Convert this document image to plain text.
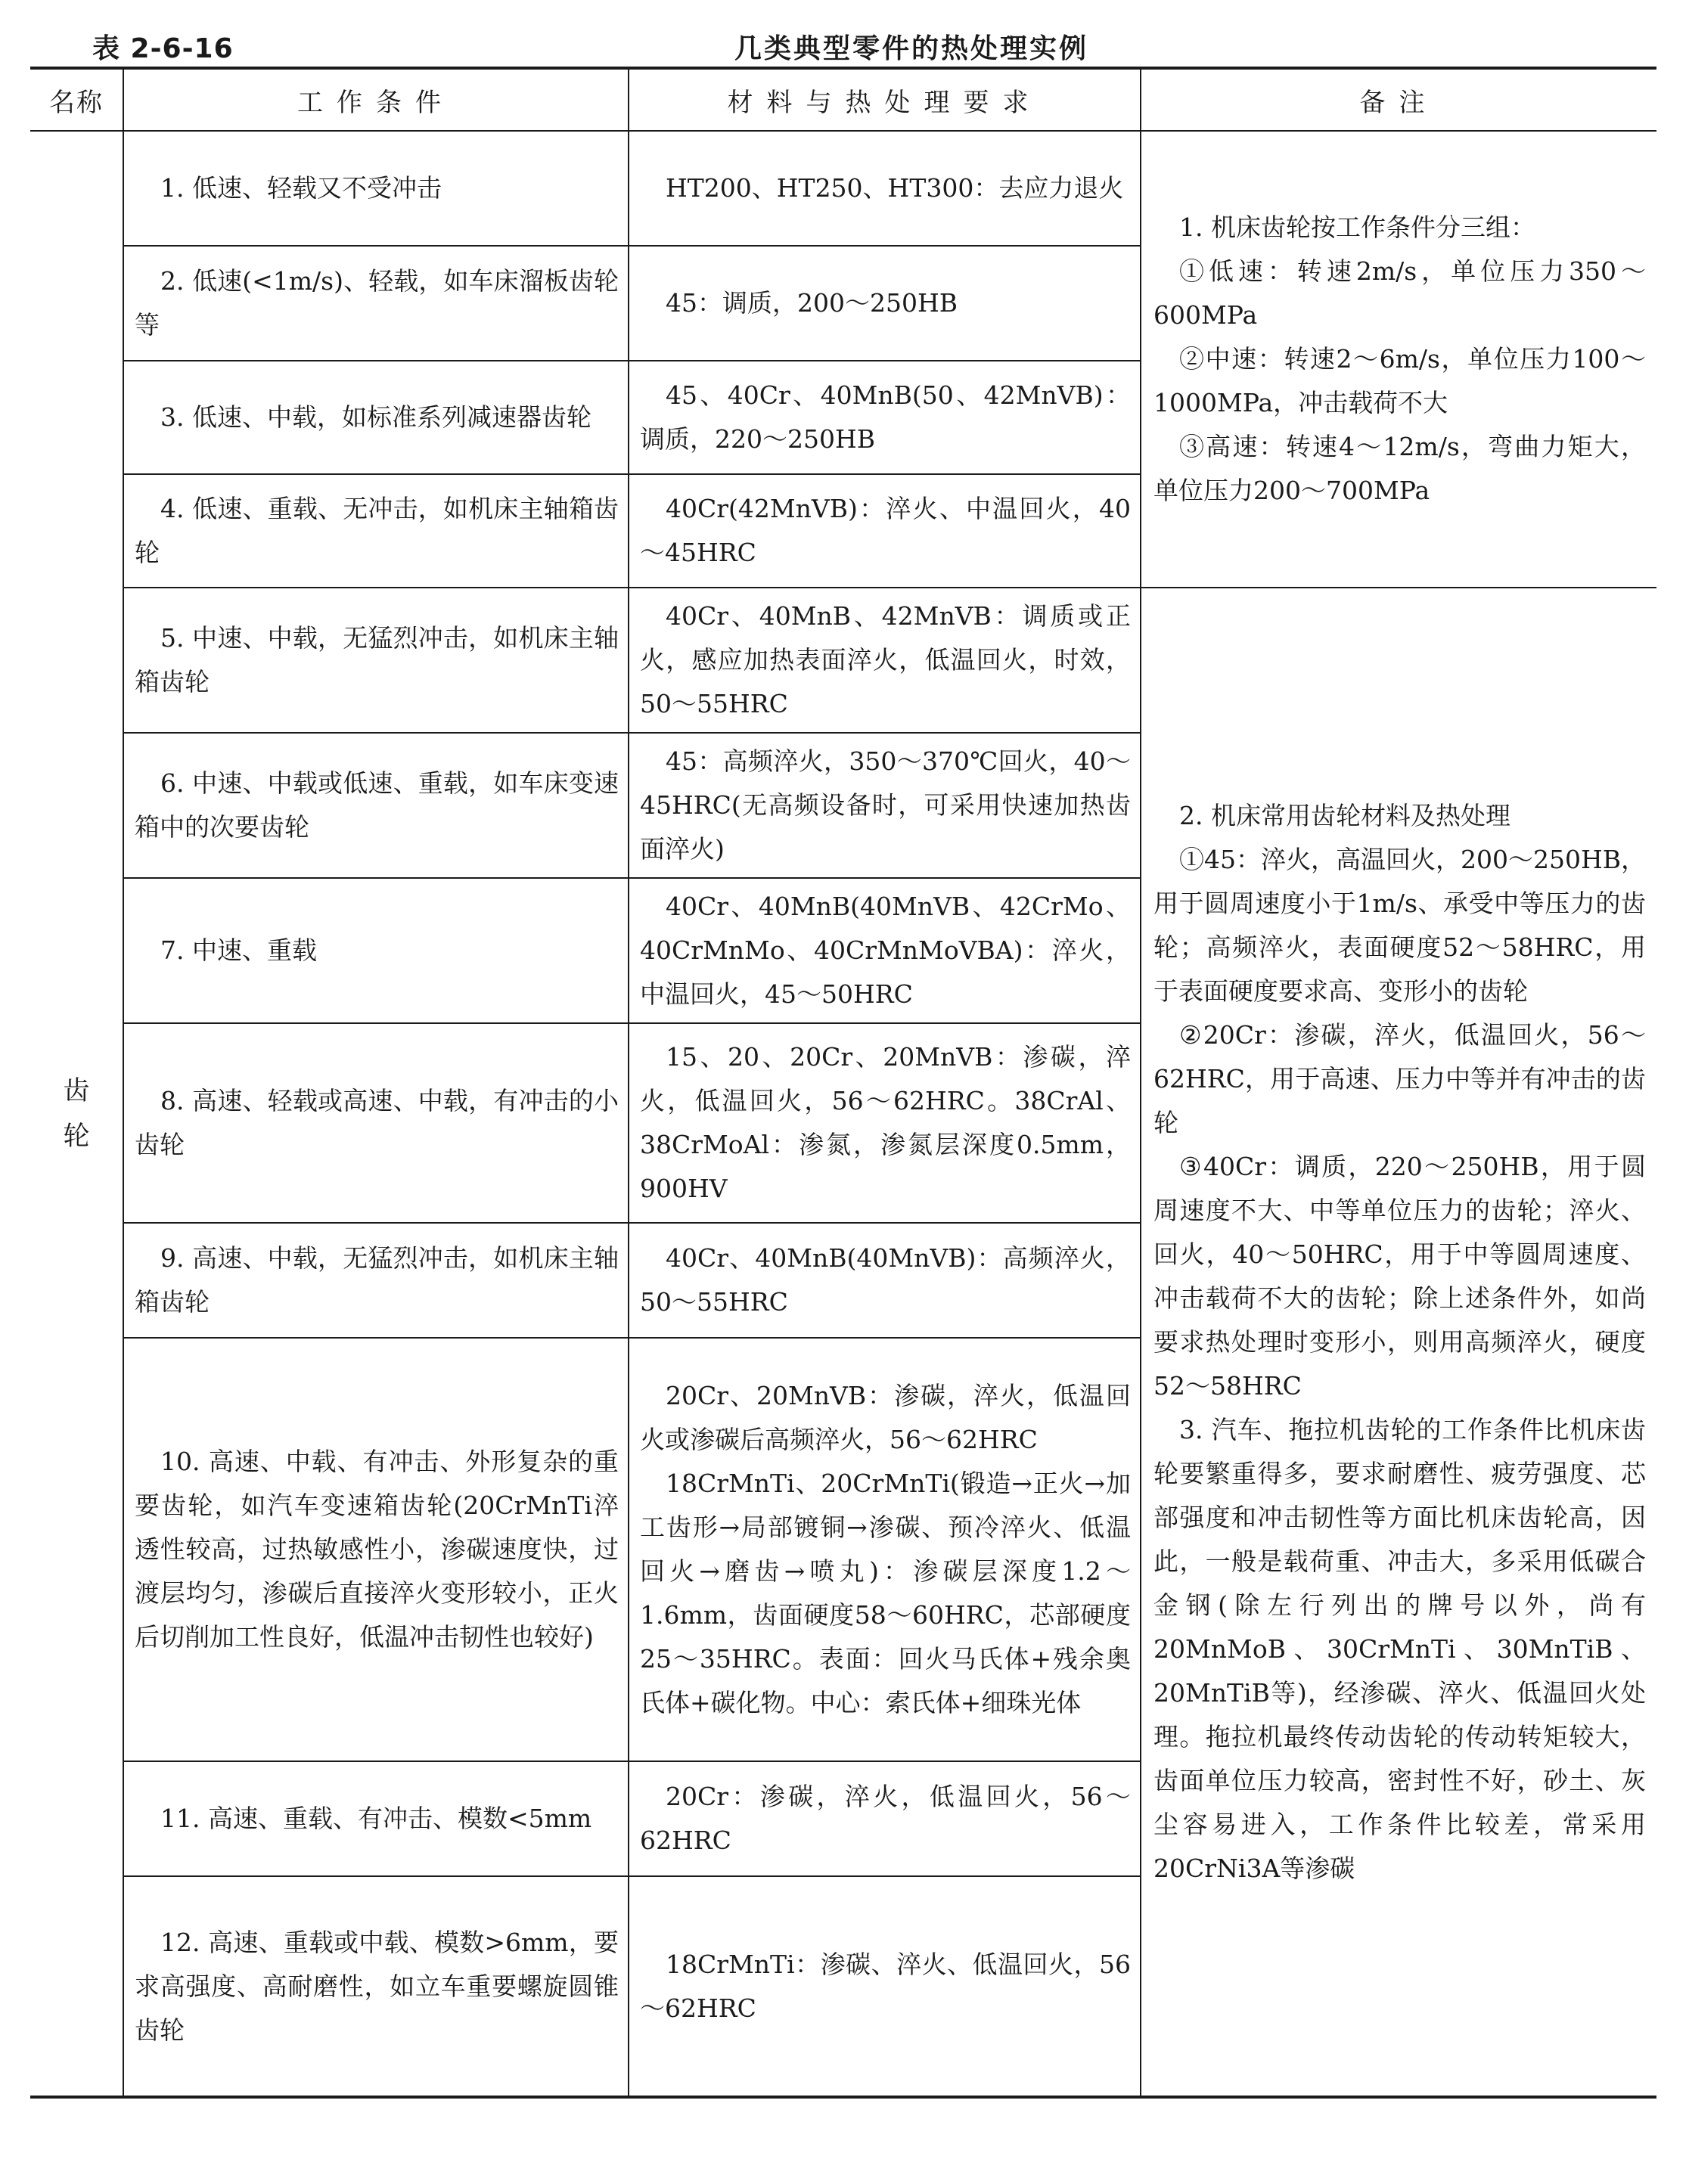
表 2-6-16	几类典型零件的热处理实例
名称	工作条件	材料与热处理要求	备注
齿轮	1. 低速、轻载又不受冲击	HT200、HT250、HT300：去应力退火	1. 机床齿轮按工作条件分三组：

①低速：转速2m/s，单位压力350～600MPa

②中速：转速2～6m/s，单位压力100～1000MPa，冲击载荷不大

③高速：转速4～12m/s，弯曲力矩大，单位压力200～700MPa

	2. 低速(<1m/s)、轻载，如车床溜板齿轮等	45：调质，200～250HB	
	3. 低速、中载，如标准系列减速器齿轮	45、40Cr、40MnB(50、42MnVB)：调质，220～250HB	
	4. 低速、重载、无冲击，如机床主轴箱齿轮	40Cr(42MnVB)：淬火、中温回火，40～45HRC	
	5. 中速、中载，无猛烈冲击，如机床主轴箱齿轮	40Cr、40MnB、42MnVB：调质或正火，感应加热表面淬火，低温回火，时效，50～55HRC	2. 机床常用齿轮材料及热处理

①45：淬火，高温回火，200～250HB，用于圆周速度小于1m/s、承受中等压力的齿轮；高频淬火，表面硬度52～58HRC，用于表面硬度要求高、变形小的齿轮

②20Cr：渗碳，淬火，低温回火，56～62HRC，用于高速、压力中等并有冲击的齿轮

③40Cr：调质，220～250HB，用于圆周速度不大、中等单位压力的齿轮；淬火、回火，40～50HRC，用于中等圆周速度、冲击载荷不大的齿轮；除上述条件外，如尚要求热处理时变形小，则用高频淬火，硬度52～58HRC

3. 汽车、拖拉机齿轮的工作条件比机床齿轮要繁重得多，要求耐磨性、疲劳强度、芯部强度和冲击韧性等方面比机床齿轮高，因此，一般是载荷重、冲击大，多采用低碳合金钢(除左行列出的牌号以外，尚有20MnMoB、30CrMnTi、30MnTiB、20MnTiB等)，经渗碳、淬火、低温回火处理。拖拉机最终传动齿轮的传动转矩较大，齿面单位压力较高，密封性不好，砂土、灰尘容易进入，工作条件比较差，常采用20CrNi3A等渗碳

	6. 中速、中载或低速、重载，如车床变速箱中的次要齿轮	45：高频淬火，350～370℃回火，40～45HRC(无高频设备时，可采用快速加热齿面淬火)	
	7. 中速、重载	40Cr、40MnB(40MnVB、42CrMo、40CrMnMo、40CrMnMoVBA)：淬火，中温回火，45～50HRC	
	8. 高速、轻载或高速、中载，有冲击的小齿轮	15、20、20Cr、20MnVB：渗碳，淬火，低温回火，56～62HRC。38CrAl、38CrMoAl：渗氮，渗氮层深度0.5mm，900HV	
	9. 高速、中载，无猛烈冲击，如机床主轴箱齿轮	40Cr、40MnB(40MnVB)：高频淬火，50～55HRC	
	10. 高速、中载、有冲击、外形复杂的重要齿轮，如汽车变速箱齿轮(20CrMnTi淬透性较高，过热敏感性小，渗碳速度快，过渡层均匀，渗碳后直接淬火变形较小，正火后切削加工性良好，低温冲击韧性也较好)	20Cr、20MnVB：渗碳，淬火，低温回火或渗碳后高频淬火，56～62HRC
18CrMnTi、20CrMnTi(锻造→正火→加工齿形→局部镀铜→渗碳、预冷淬火、低温回火→磨齿→喷丸)：渗碳层深度1.2～1.6mm，齿面硬度58～60HRC，芯部硬度25～35HRC。表面：回火马氏体+残余奥氏体+碳化物。中心：索氏体+细珠光体	

	11. 高速、重载、有冲击、模数<5mm	20Cr：渗碳，淬火，低温回火，56～62HRC	
	12. 高速、重载或中载、模数>6mm，要求高强度、高耐磨性，如立车重要螺旋圆锥齿轮	18CrMnTi：渗碳、淬火、低温回火，56～62HRC	
